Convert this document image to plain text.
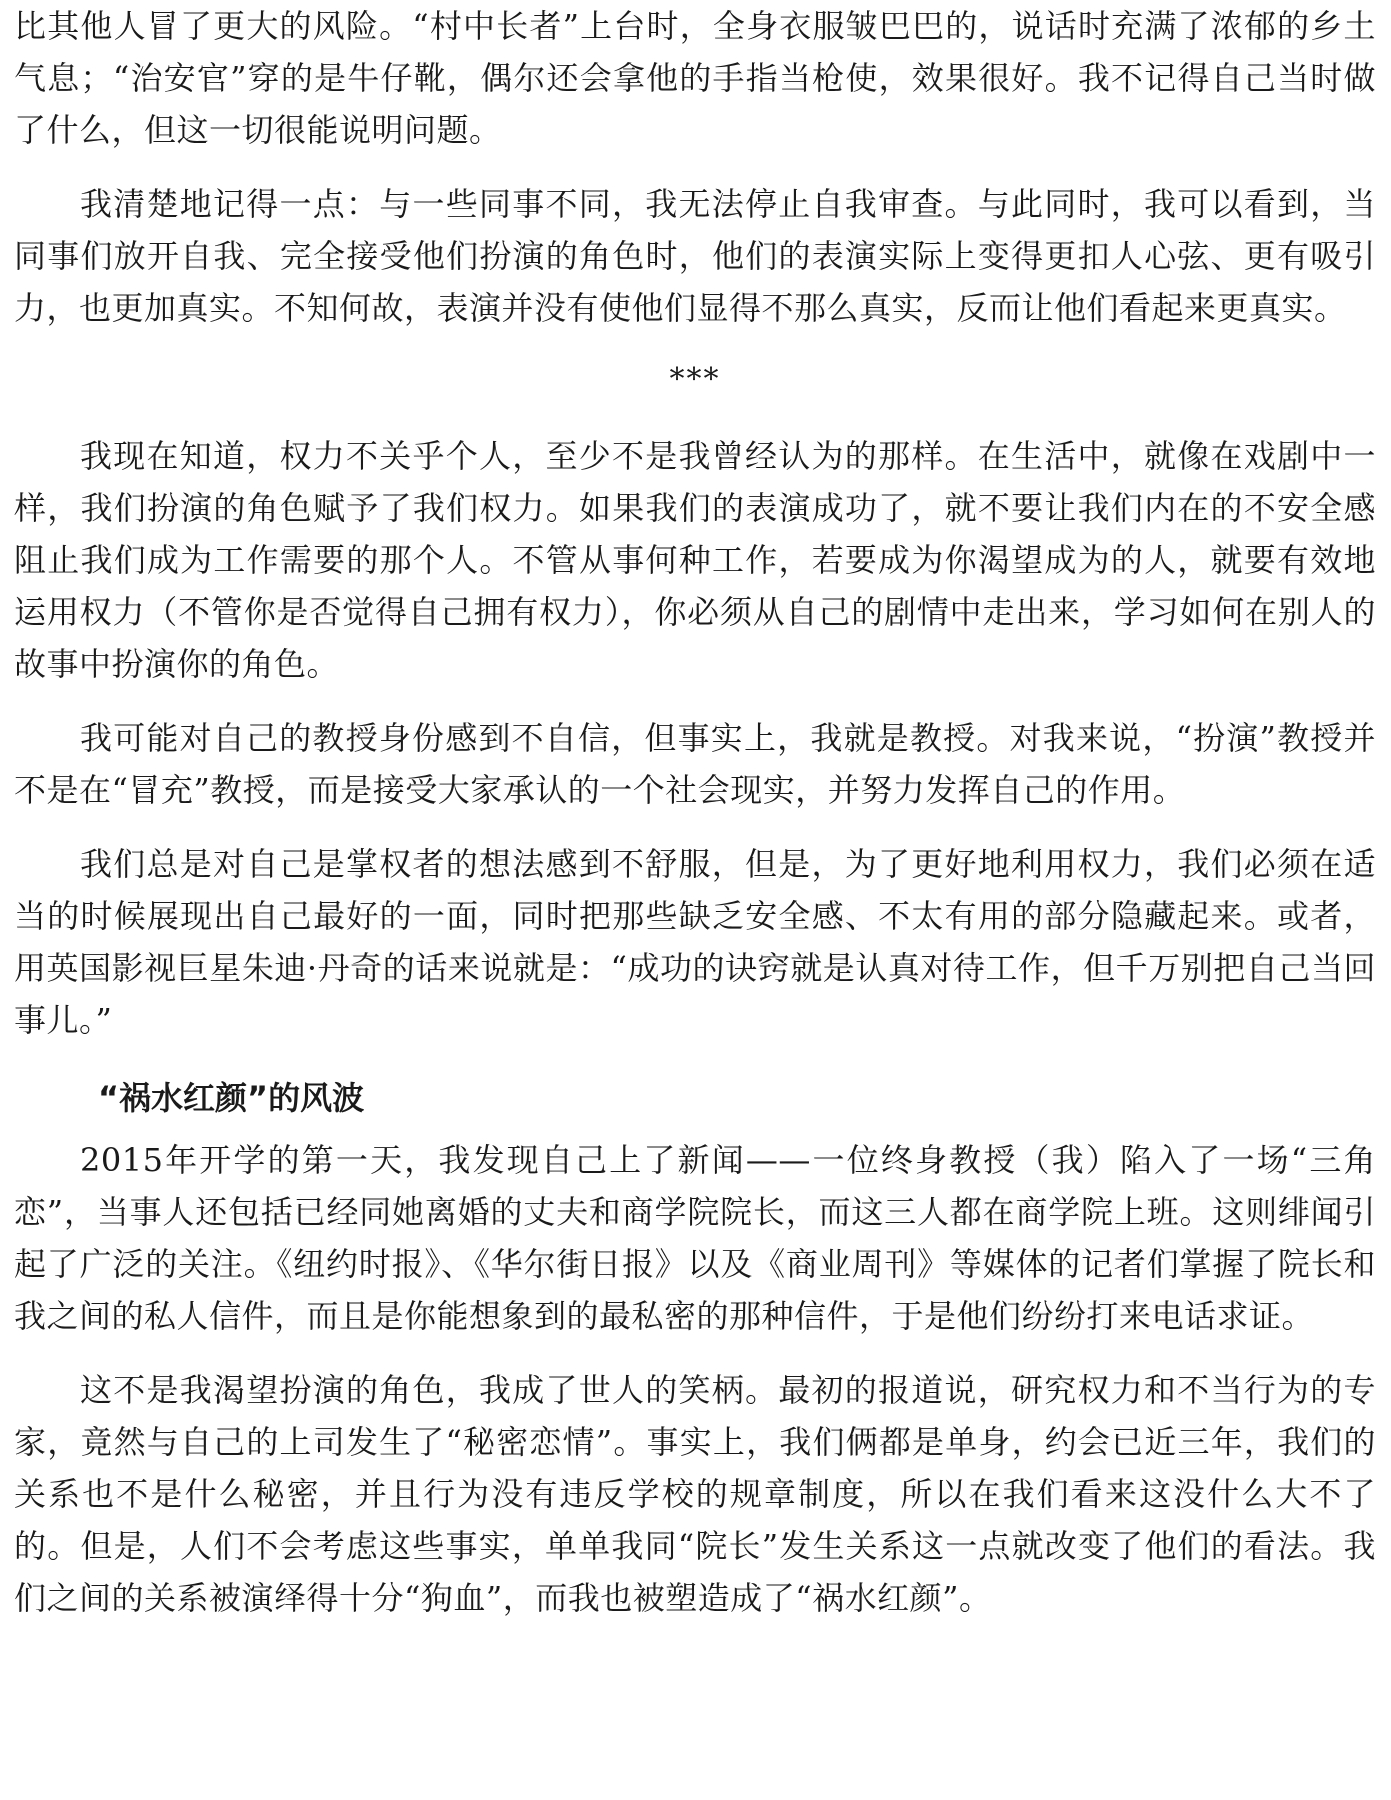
比其他人冒了更大的风险。“村中长者”上台时，全身衣服皱巴巴的，说话时充满了浓郁的乡土气息；“治安官”穿的是牛仔靴，偶尔还会拿他的手指当枪使，效果很好。我不记得自己当时做了什么，但这一切很能说明问题。

我清楚地记得一点：与一些同事不同，我无法停止自我审查。与此同时，我可以看到，当同事们放开自我、完全接受他们扮演的角色时，他们的表演实际上变得更扣人心弦、更有吸引力，也更加真实。不知何故，表演并没有使他们显得不那么真实，反而让他们看起来更真实。

***

我现在知道，权力不关乎个人，至少不是我曾经认为的那样。在生活中，就像在戏剧中一样，我们扮演的角色赋予了我们权力。如果我们的表演成功了，就不要让我们内在的不安全感阻止我们成为工作需要的那个人。不管从事何种工作，若要成为你渴望成为的人，就要有效地运用权力（不管你是否觉得自己拥有权力），你必须从自己的剧情中走出来，学习如何在别人的故事中扮演你的角色。

我可能对自己的教授身份感到不自信，但事实上，我就是教授。对我来说，“扮演”教授并不是在“冒充”教授，而是接受大家承认的一个社会现实，并努力发挥自己的作用。

我们总是对自己是掌权者的想法感到不舒服，但是，为了更好地利用权力，我们必须在适当的时候展现出自己最好的一面，同时把那些缺乏安全感、不太有用的部分隐藏起来。或者，用英国影视巨星朱迪·丹奇的话来说就是：“成功的诀窍就是认真对待工作，但千万别把自己当回事儿。”

“祸水红颜”的风波

2015年开学的第一天，我发现自己上了新闻——一位终身教授（我）陷入了一场“三角恋”，当事人还包括已经同她离婚的丈夫和商学院院长，而这三人都在商学院上班。这则绯闻引起了广泛的关注。《纽约时报》、《华尔街日报》以及《商业周刊》等媒体的记者们掌握了院长和我之间的私人信件，而且是你能想象到的最私密的那种信件，于是他们纷纷打来电话求证。

这不是我渴望扮演的角色，我成了世人的笑柄。最初的报道说，研究权力和不当行为的专家，竟然与自己的上司发生了“秘密恋情”。事实上，我们俩都是单身，约会已近三年，我们的关系也不是什么秘密，并且行为没有违反学校的规章制度，所以在我们看来这没什么大不了的。但是，人们不会考虑这些事实，单单我同“院长”发生关系这一点就改变了他们的看法。我们之间的关系被演绎得十分“狗血”，而我也被塑造成了“祸水红颜”。
